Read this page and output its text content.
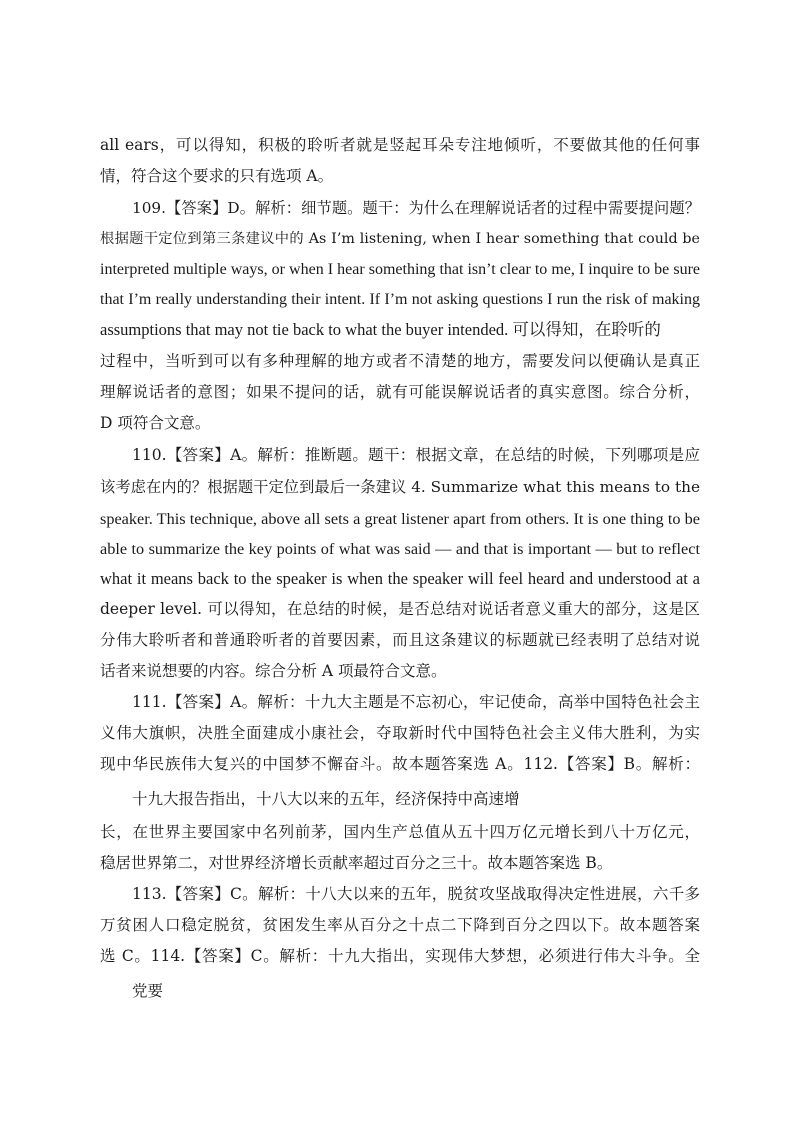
all ears，可以得知，积极的聆听者就是竖起耳朵专注地倾听，不要做其他的任何事
情，符合这个要求的只有选项 A。
109.【答案】D。解析：细节题。题干：为什么在理解说话者的过程中需要提问题？
根据题干定位到第三条建议中的 As I’m listening, when I hear something that could be
interpreted multiple ways, or when I hear something that isn’t clear to me, I inquire to be sure
that I’m really understanding their intent. If I’m not asking questions I run the risk of making
assumptions that may not tie back to what the buyer intended. 可以得知，在聆听的
过程中，当听到可以有多种理解的地方或者不清楚的地方，需要发问以便确认是真正
理解说话者的意图；如果不提问的话，就有可能误解说话者的真实意图。综合分析，
D 项符合文意。
110.【答案】A。解析：推断题。题干：根据文章，在总结的时候，下列哪项是应
该考虑在内的？根据题干定位到最后一条建议 4. Summarize what this means to the
speaker. This technique, above all sets a great listener apart from others. It is one thing to be
able to summarize the key points of what was said — and that is important — but to reflect
what it means back to the speaker is when the speaker will feel heard and understood at a
deeper level. 可以得知，在总结的时候，是否总结对说话者意义重大的部分，这是区
分伟大聆听者和普通聆听者的首要因素，而且这条建议的标题就已经表明了总结对说
话者来说想要的内容。综合分析 A 项最符合文意。
111.【答案】A。解析：十九大主题是不忘初心，牢记使命，高举中国特色社会主
义伟大旗帜，决胜全面建成小康社会，夺取新时代中国特色社会主义伟大胜利，为实
现中华民族伟大复兴的中国梦不懈奋斗。故本题答案选 A。112.【答案】B。解析：
十九大报告指出，十八大以来的五年，经济保持中高速增
长，在世界主要国家中名列前茅，国内生产总值从五十四万亿元增长到八十万亿元，
稳居世界第二，对世界经济增长贡献率超过百分之三十。故本题答案选 B。
113.【答案】C。解析：十八大以来的五年，脱贫攻坚战取得决定性进展，六千多
万贫困人口稳定脱贫，贫困发生率从百分之十点二下降到百分之四以下。故本题答案
选 C。114.【答案】C。解析：十九大指出，实现伟大梦想，必须进行伟大斗争。全
党要
